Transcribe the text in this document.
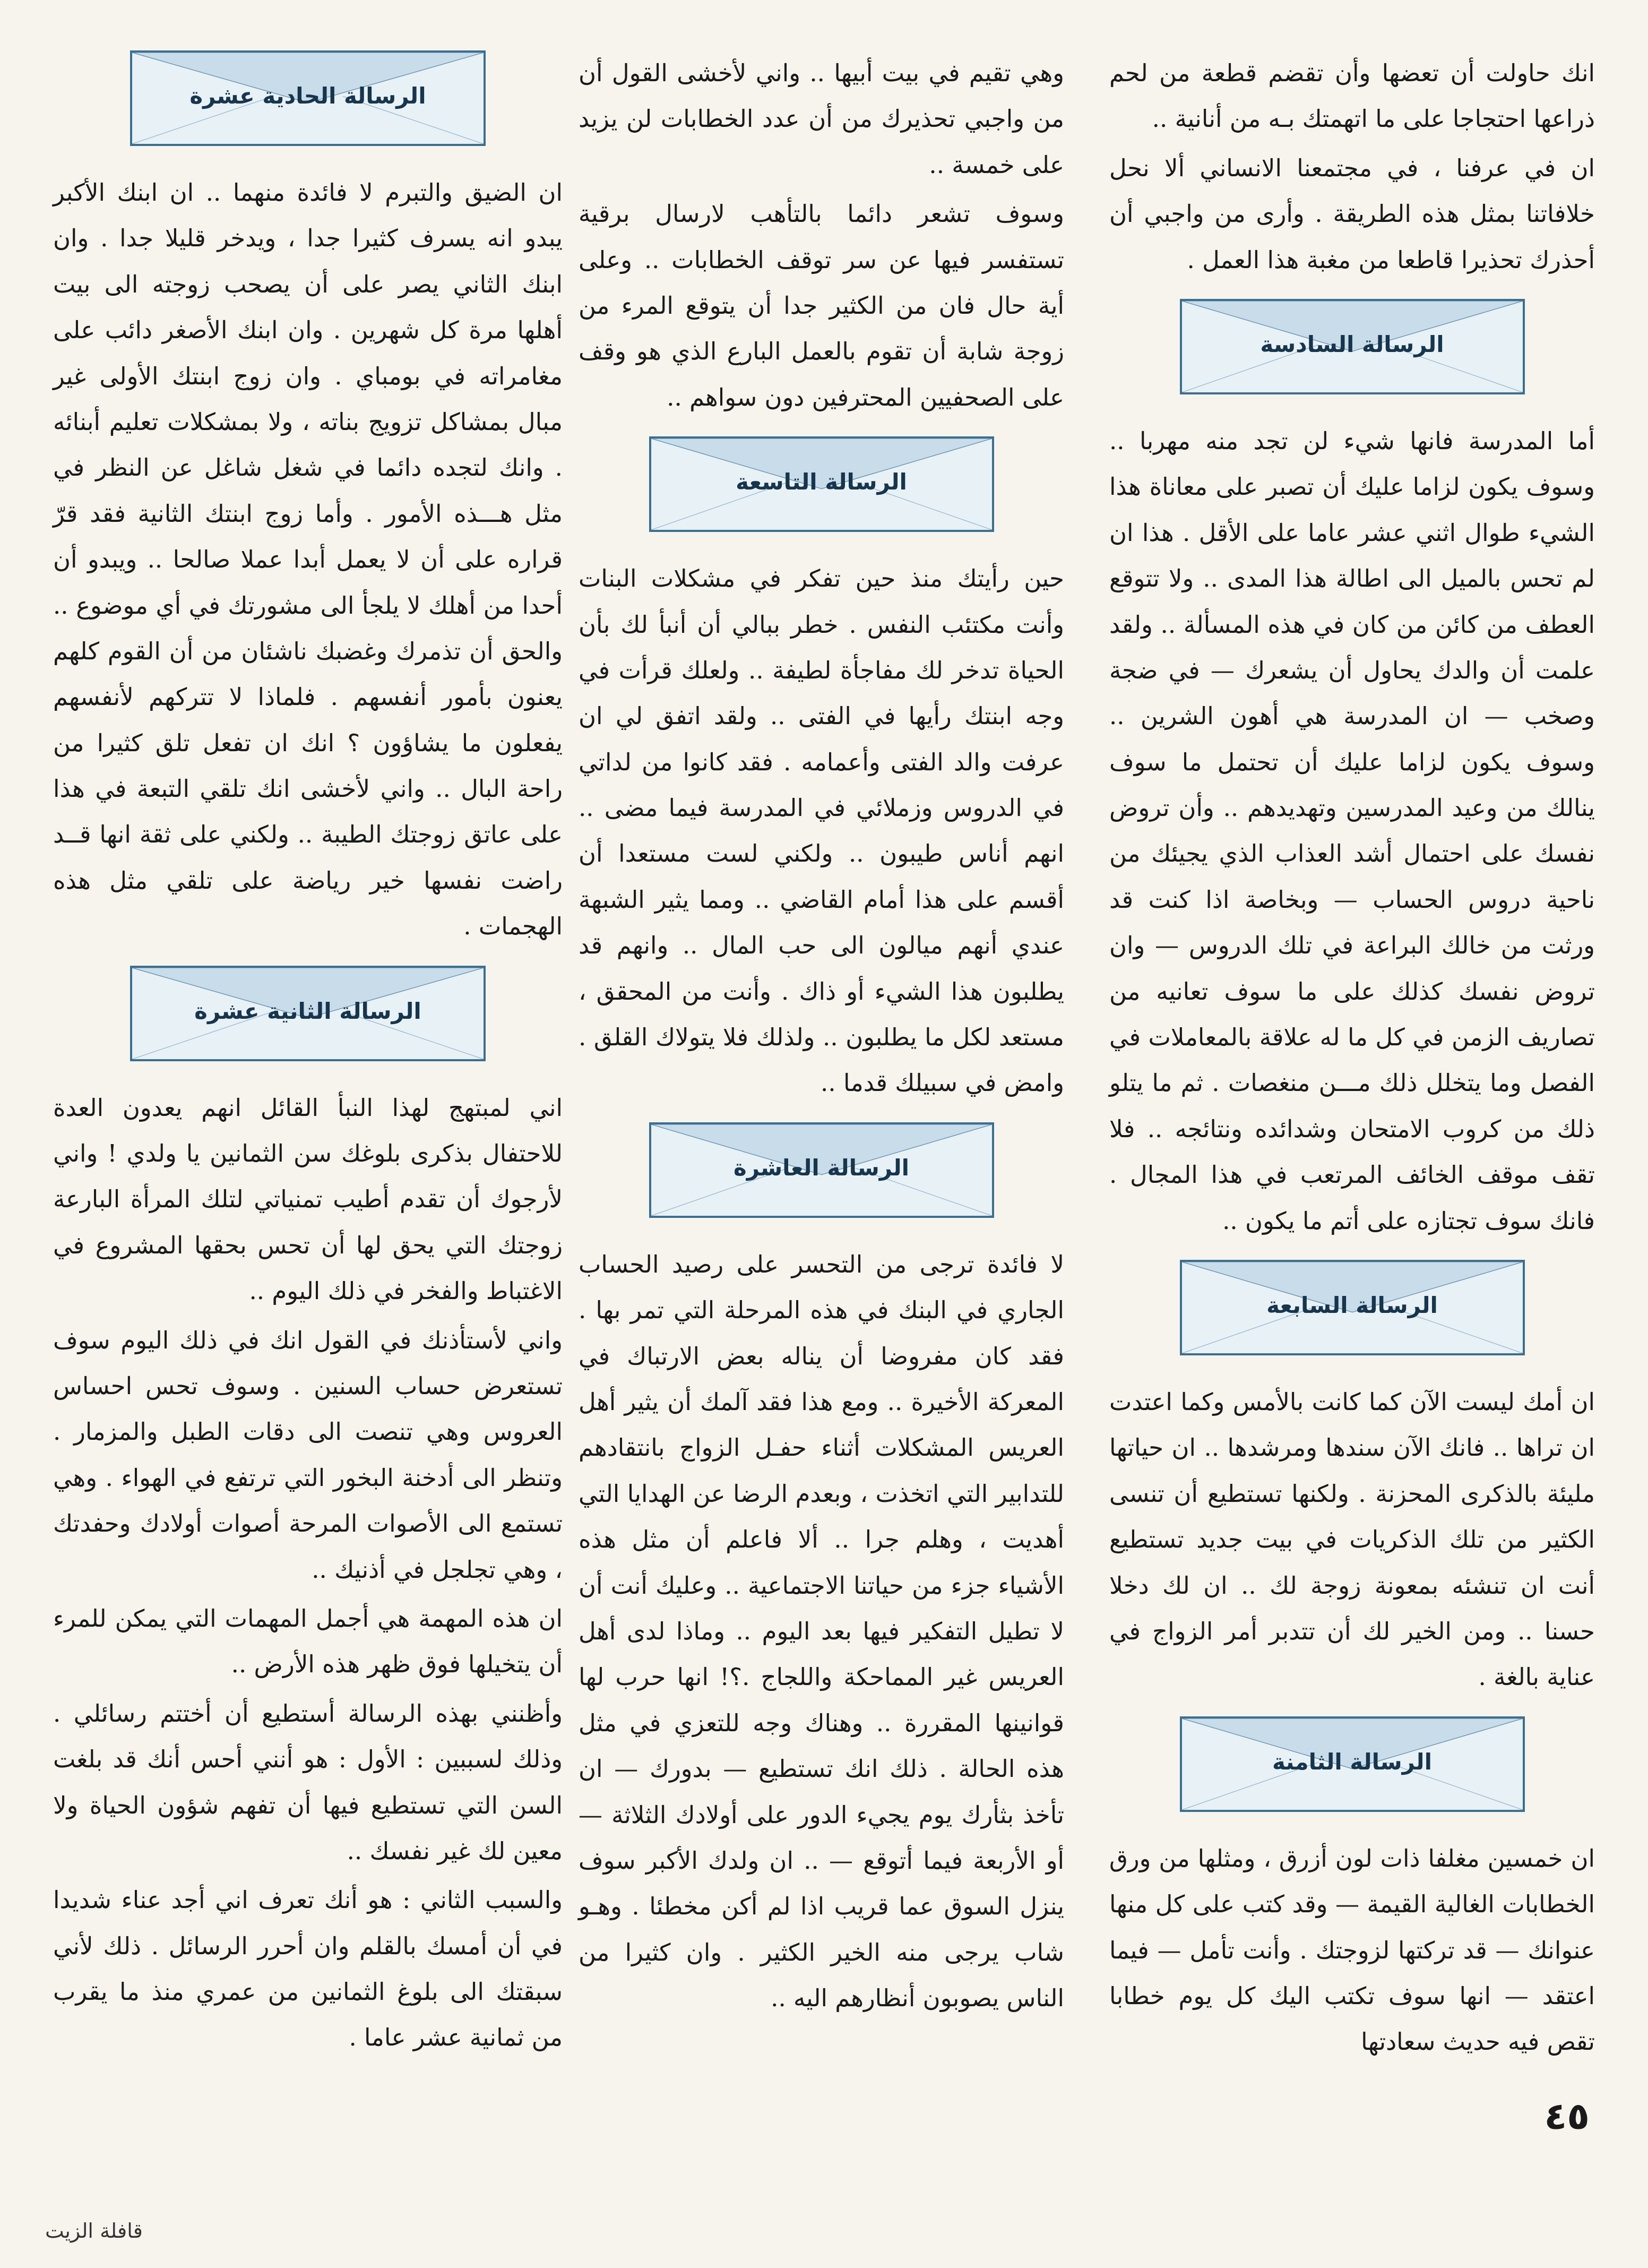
انك حاولت أن تعضها وأن تقضم قطعة من لحم ذراعها احتجاجا على ما اتهمتك بـه من أنانية ..

ان في عرفنا ، في مجتمعنا الانساني ألا نحل خلافاتنا بمثل هذه الطريقة . وأرى من واجبي أن أحذرك تحذيرا قاطعا من مغبة هذا العمل .

الرسالة السادسة

أما المدرسة فانها شيء لن تجد منه مهربا .. وسوف يكون لزاما عليك أن تصبر على معاناة هذا الشيء طوال اثني عشر عاما على الأقل . هذا ان لم تحس بالميل الى اطالة هذا المدى .. ولا تتوقع العطف من كائن من كان في هذه المسألة .. ولقد علمت أن والدك يحاول أن يشعرك — في ضجة وصخب — ان المدرسة هي أهون الشرين .. وسوف يكون لزاما عليك أن تحتمل ما سوف ينالك من وعيد المدرسين وتهديدهم .. وأن تروض نفسك على احتمال أشد العذاب الذي يجيئك من ناحية دروس الحساب — وبخاصة اذا كنت قد ورثت من خالك البراعة في تلك الدروس — وان تروض نفسك كذلك على ما سوف تعانيه من تصاريف الزمن في كل ما له علاقة بالمعاملات في الفصل وما يتخلل ذلك مـــن منغصات . ثم ما يتلو ذلك من كروب الامتحان وشدائده ونتائجه .. فلا تقف موقف الخائف المرتعب في هذا المجال . فانك سوف تجتازه على أتم ما يكون ..

الرسالة السابعة

ان أمك ليست الآن كما كانت بالأمس وكما اعتدت ان تراها .. فانك الآن سندها ومرشدها .. ان حياتها مليئة بالذكرى المحزنة . ولكنها تستطيع أن تنسى الكثير من تلك الذكريات في بيت جديد تستطيع أنت ان تنشئه بمعونة زوجة لك .. ان لك دخلا حسنا .. ومن الخير لك أن تتدبر أمر الزواج في عناية بالغة .

الرسالة الثامنة

ان خمسين مغلفا ذات لون أزرق ، ومثلها من ورق الخطابات الغالية القيمة — وقد كتب على كل منها عنوانك — قد تركتها لزوجتك . وأنت تأمل — فيما اعتقد — انها سوف تكتب اليك كل يوم خطابا تقص فيه حديث سعادتها

وهي تقيم في بيت أبيها .. واني لأخشى القول أن من واجبي تحذيرك من أن عدد الخطابات لن يزيد على خمسة ..

وسوف تشعر دائما بالتأهب لارسال برقية تستفسر فيها عن سر توقف الخطابات .. وعلى أية حال فان من الكثير جدا أن يتوقع المرء من زوجة شابة أن تقوم بالعمل البارع الذي هو وقف على الصحفيين المحترفين دون سواهم ..

الرسالة التاسعة

حين رأيتك منذ حين تفكر في مشكلات البنات وأنت مكتئب النفس . خطر ببالي أن أنبأ لك بأن الحياة تدخر لك مفاجأة لطيفة .. ولعلك قرأت في وجه ابنتك رأيها في الفتى .. ولقد اتفق لي ان عرفت والد الفتى وأعمامه . فقد كانوا من لداتي في الدروس وزملائي في المدرسة فيما مضى .. انهم أناس طيبون .. ولكني لست مستعدا أن أقسم على هذا أمام القاضي .. ومما يثير الشبهة عندي أنهم ميالون الى حب المال .. وانهم قد يطلبون هذا الشيء أو ذاك . وأنت من المحقق ، مستعد لكل ما يطلبون .. ولذلك فلا يتولاك القلق . وامض في سبيلك قدما ..

الرسالة العاشرة

لا فائدة ترجى من التحسر على رصيد الحساب الجاري في البنك في هذه المرحلة التي تمر بها . فقد كان مفروضا أن يناله بعض الارتباك في المعركة الأخيرة .. ومع هذا فقد آلمك أن يثير أهل العريس المشكلات أثناء حفـل الزواج بانتقادهم للتدابير التي اتخذت ، وبعدم الرضا عن الهدايا التي أهديت ، وهلم جرا .. ألا فاعلم أن مثل هذه الأشياء جزء من حياتنا الاجتماعية .. وعليك أنت أن لا تطيل التفكير فيها بعد اليوم .. وماذا لدى أهل العريس غير المماحكة واللجاج .؟! انها حرب لها قوانينها المقررة .. وهناك وجه للتعزي في مثل هذه الحالة . ذلك انك تستطيع — بدورك — ان تأخذ بثأرك يوم يجيء الدور على أولادك الثلاثة — أو الأربعة فيما أتوقع — .. ان ولدك الأكبر سوف ينزل السوق عما قريب اذا لم أكن مخطئا . وهـو شاب يرجى منه الخير الكثير . وان كثيرا من الناس يصوبون أنظارهم اليه ..

الرسالة الحادية عشرة

ان الضيق والتبرم لا فائدة منهما .. ان ابنك الأكبر يبدو انه يسرف كثيرا جدا ، ويدخر قليلا جدا . وان ابنك الثاني يصر على أن يصحب زوجته الى بيت أهلها مرة كل شهرين . وان ابنك الأصغر دائب على مغامراته في بومباي . وان زوج ابنتك الأولى غير مبال بمشاكل تزويج بناته ، ولا بمشكلات تعليم أبنائه . وانك لتجده دائما في شغل شاغل عن النظر في مثل هـــذه الأمور . وأما زوج ابنتك الثانية فقد قرّ قراره على أن لا يعمل أبدا عملا صالحا .. ويبدو أن أحدا من أهلك لا يلجأ الى مشورتك في أي موضوع .. والحق أن تذمرك وغضبك ناشئان من أن القوم كلهم يعنون بأمور أنفسهم . فلماذا لا تتركهم لأنفسهم يفعلون ما يشاؤون ؟ انك ان تفعل تلق كثيرا من راحة البال .. واني لأخشى انك تلقي التبعة في هذا على عاتق زوجتك الطيبة .. ولكني على ثقة انها قــد راضت نفسها خير رياضة على تلقي مثل هذه الهجمات .

الرسالة الثانية عشرة

اني لمبتهج لهذا النبأ القائل انهم يعدون العدة للاحتفال بذكرى بلوغك سن الثمانين يا ولدي ! واني لأرجوك أن تقدم أطيب تمنياتي لتلك المرأة البارعة زوجتك التي يحق لها أن تحس بحقها المشروع في الاغتباط والفخر في ذلك اليوم ..

واني لأستأذنك في القول انك في ذلك اليوم سوف تستعرض حساب السنين . وسوف تحس احساس العروس وهي تنصت الى دقات الطبل والمزمار . وتنظر الى أدخنة البخور التي ترتفع في الهواء . وهي تستمع الى الأصوات المرحة أصوات أولادك وحفدتك ، وهي تجلجل في أذنيك ..

ان هذه المهمة هي أجمل المهمات التي يمكن للمرء أن يتخيلها فوق ظهر هذه الأرض ..

وأظنني بهذه الرسالة أستطيع أن أختتم رسائلي . وذلك لسببين : الأول : هو أنني أحس أنك قد بلغت السن التي تستطيع فيها أن تفهم شؤون الحياة ولا معين لك غير نفسك ..

والسبب الثاني : هو أنك تعرف اني أجد عناء شديدا في أن أمسك بالقلم وان أحرر الرسائل . ذلك لأني سبقتك الى بلوغ الثمانين من عمري منذ ما يقرب من ثمانية عشر عاما .

٤٥
قافلة الزيت
